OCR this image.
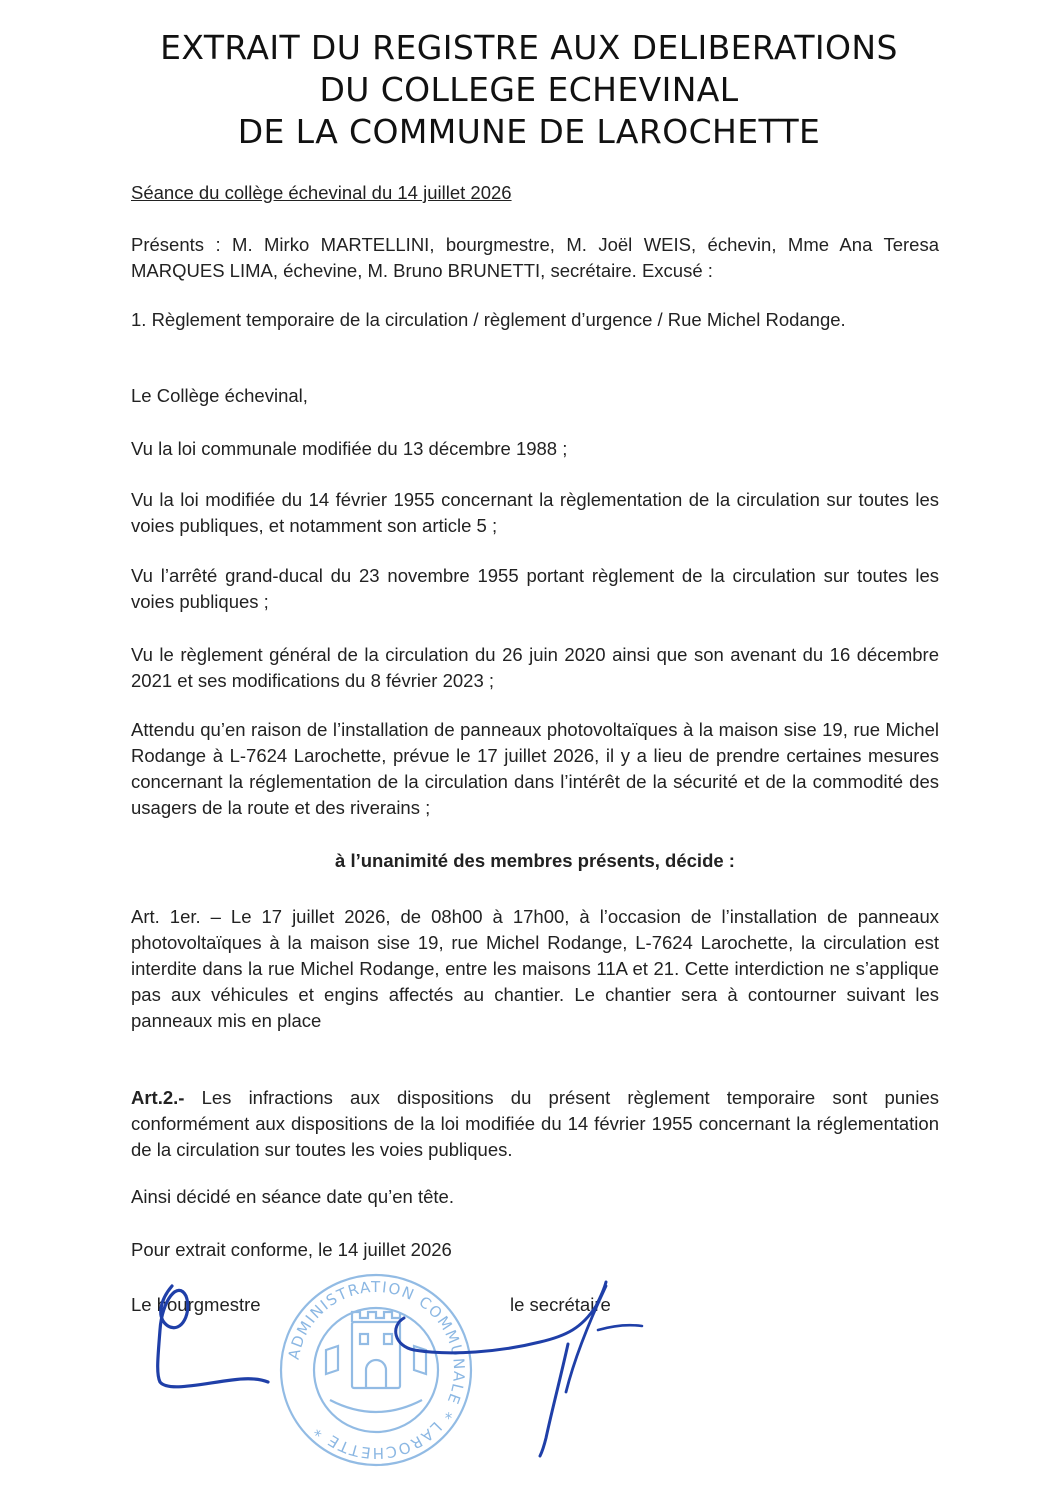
EXTRAIT DU REGISTRE AUX DELIBERATIONS
DU COLLEGE ECHEVINAL
DE LA COMMUNE DE LAROCHETTE

Séance du collège échevinal du 14 juillet 2026

Présents : M. Mirko MARTELLINI, bourgmestre, M. Joël WEIS, échevin, Mme Ana Teresa MARQUES LIMA, échevine, M. Bruno BRUNETTI, secrétaire. Excusé :

1. Règlement temporaire de la circulation / règlement d’urgence / Rue Michel Rodange.

Le Collège échevinal,

Vu la loi communale modifiée du 13 décembre 1988 ;

Vu la loi modifiée du 14 février 1955 concernant la règlementation de la circulation sur toutes les voies publiques, et notamment son article 5 ;

Vu l’arrêté grand-ducal du 23 novembre 1955 portant règlement de la circulation sur toutes les voies publiques ;

Vu le règlement général de la circulation du 26 juin 2020 ainsi que son avenant du 16 décembre 2021 et ses modifications du 8 février 2023 ;

Attendu qu’en raison de l’installation de panneaux photovoltaïques à la maison sise 19, rue Michel Rodange à L-7624 Larochette, prévue le 17 juillet 2026, il y a lieu de prendre certaines mesures concernant la réglementation de la circulation dans l’intérêt de la sécurité et de la commodité des usagers de la route et des riverains ;

à l’unanimité des membres présents, décide :

Art. 1er. – Le 17 juillet 2026, de 08h00 à 17h00, à l’occasion de l’installation de panneaux photovoltaïques à la maison sise 19, rue Michel Rodange, L-7624 Larochette, la circulation est interdite dans la rue Michel Rodange, entre les maisons 11A et 21. Cette interdiction ne s’applique pas aux véhicules et engins affectés au chantier. Le chantier sera à contourner suivant les panneaux mis en place

Art.2.- Les infractions aux dispositions du présent règlement temporaire sont punies conformément aux dispositions de la loi modifiée du 14 février 1955 concernant la réglementation de la circulation sur toutes les voies publiques.

Ainsi décidé en séance date qu’en tête.

Pour extrait conforme, le 14 juillet 2026

Le bourgmestre	le secrétaire

ADMINISTRATION COMMUNALE * LAROCHETTE *
